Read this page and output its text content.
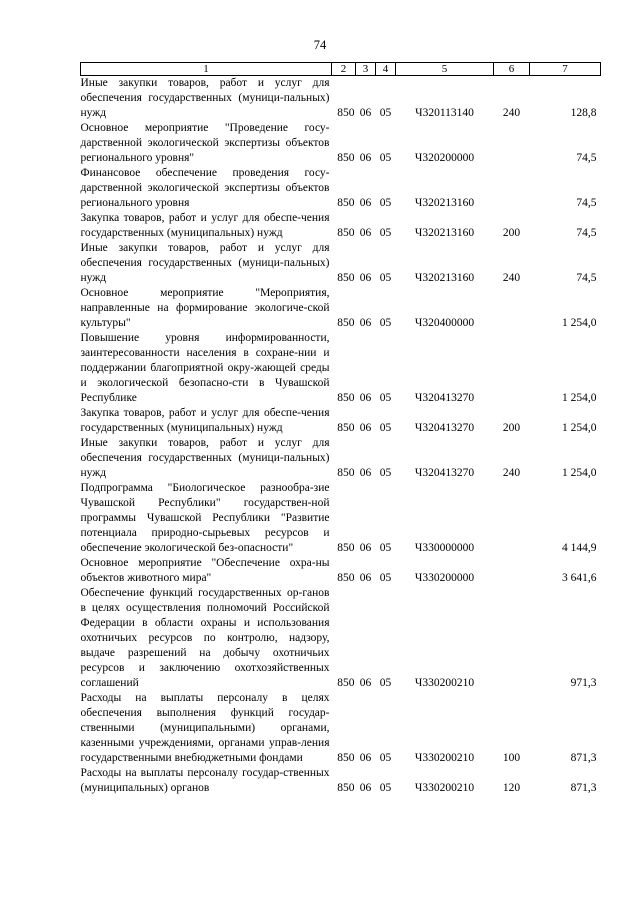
74
1	2	3	4	5	6	7
Иные закупки товаров, работ и услуг для обеспечения государственных (муници-пальных) нужд	850	06	05	Ч320113140	240	128,8
Основное мероприятие "Проведение госу-дарственной экологической экспертизы объектов регионального уровня"	850	06	05	Ч320200000		74,5
Финансовое обеспечение проведения госу-дарственной экологической экспертизы объектов регионального уровня	850	06	05	Ч320213160		74,5
Закупка товаров, работ и услуг для обеспе-чения государственных (муниципальных) нужд	850	06	05	Ч320213160	200	74,5
Иные закупки товаров, работ и услуг для обеспечения государственных (муници-пальных) нужд	850	06	05	Ч320213160	240	74,5
Основное мероприятие "Мероприятия, направленные на формирование экологиче-ской культуры"	850	06	05	Ч320400000		1 254,0
Повышение уровня информированности, заинтересованности населения в сохране-нии и поддержании благоприятной окру-жающей среды и экологической безопасно-сти в Чувашской Республике	850	06	05	Ч320413270		1 254,0
Закупка товаров, работ и услуг для обеспе-чения государственных (муниципальных) нужд	850	06	05	Ч320413270	200	1 254,0
Иные закупки товаров, работ и услуг для обеспечения государственных (муници-пальных) нужд	850	06	05	Ч320413270	240	1 254,0
Подпрограмма "Биологическое разнообра-зие Чувашской Республики" государствен-ной программы Чувашской Республики "Развитие потенциала природно-сырьевых ресурсов и обеспечение экологической без-опасности"	850	06	05	Ч330000000		4 144,9
Основное мероприятие "Обеспечение охра-ны объектов животного мира"	850	06	05	Ч330200000		3 641,6
Обеспечение функций государственных ор-ганов в целях осуществления полномочий Российской Федерации в области охраны и использования охотничьих ресурсов по контролю, надзору, выдаче разрешений на добычу охотничьих ресурсов и заключению охотхозяйственных соглашений	850	06	05	Ч330200210		971,3
Расходы на выплаты персоналу в целях обеспечения выполнения функций государ-ственными (муниципальными) органами, казенными учреждениями, органами управ-ления государственными внебюджетными фондами	850	06	05	Ч330200210	100	871,3
Расходы на выплаты персоналу государ-ственных (муниципальных) органов	850	06	05	Ч330200210	120	871,3
